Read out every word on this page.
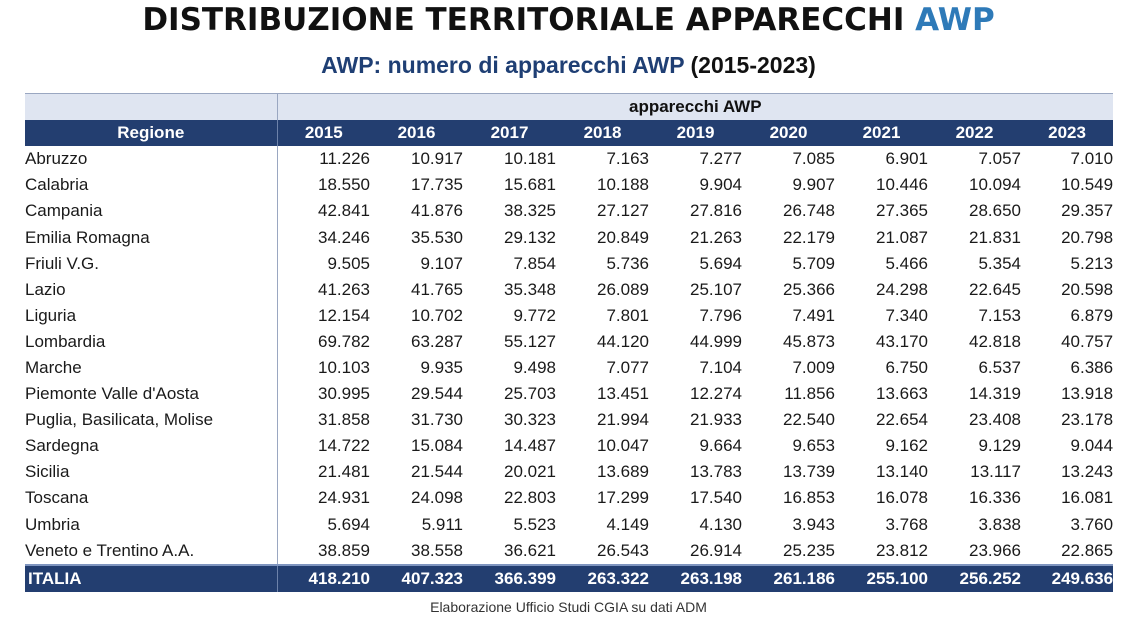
DISTRIBUZIONE TERRITORIALE APPARECCHI AWP
AWP: numero di apparecchi AWP (2015-2023)
	apparecchi AWP								
Regione	2015	2016	2017	2018	2019	2020	2021	2022	2023
Abruzzo	11.226	10.917	10.181	7.163	7.277	7.085	6.901	7.057	7.010
Calabria	18.550	17.735	15.681	10.188	9.904	9.907	10.446	10.094	10.549
Campania	42.841	41.876	38.325	27.127	27.816	26.748	27.365	28.650	29.357
Emilia Romagna	34.246	35.530	29.132	20.849	21.263	22.179	21.087	21.831	20.798
Friuli V.G.	9.505	9.107	7.854	5.736	5.694	5.709	5.466	5.354	5.213
Lazio	41.263	41.765	35.348	26.089	25.107	25.366	24.298	22.645	20.598
Liguria	12.154	10.702	9.772	7.801	7.796	7.491	7.340	7.153	6.879
Lombardia	69.782	63.287	55.127	44.120	44.999	45.873	43.170	42.818	40.757
Marche	10.103	9.935	9.498	7.077	7.104	7.009	6.750	6.537	6.386
Piemonte Valle d'Aosta	30.995	29.544	25.703	13.451	12.274	11.856	13.663	14.319	13.918
Puglia, Basilicata, Molise	31.858	31.730	30.323	21.994	21.933	22.540	22.654	23.408	23.178
Sardegna	14.722	15.084	14.487	10.047	9.664	9.653	9.162	9.129	9.044
Sicilia	21.481	21.544	20.021	13.689	13.783	13.739	13.140	13.117	13.243
Toscana	24.931	24.098	22.803	17.299	17.540	16.853	16.078	16.336	16.081
Umbria	5.694	5.911	5.523	4.149	4.130	3.943	3.768	3.838	3.760
Veneto e Trentino A.A.	38.859	38.558	36.621	26.543	26.914	25.235	23.812	23.966	22.865
ITALIA	418.210	407.323	366.399	263.322	263.198	261.186	255.100	256.252	249.636
Elaborazione Ufficio Studi CGIA su dati ADM
